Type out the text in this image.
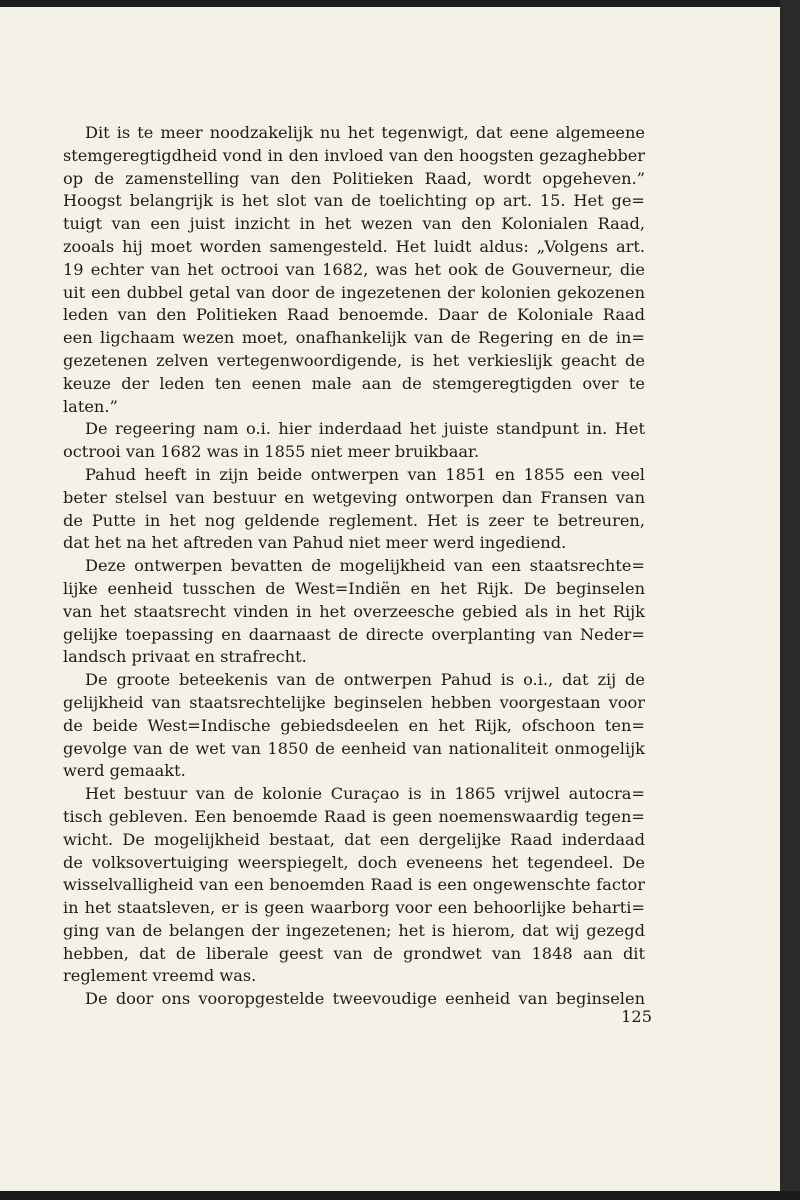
Dit is te meer noodzakelijk nu het tegenwigt, dat eene algemeene
stemgeregtigdheid vond in den invloed van den hoogsten gezaghebber
op de zamenstelling van den Politieken Raad, wordt opgeheven.”
Hoogst belangrijk is het slot van de toelichting op art. 15. Het ge=
tuigt van een juist inzicht in het wezen van den Kolonialen Raad,
zooals hij moet worden samengesteld. Het luidt aldus: „Volgens art.
19 echter van het octrooi van 1682, was het ook de Gouverneur, die
uit een dubbel getal van door de ingezetenen der kolonien gekozenen
leden van den Politieken Raad benoemde. Daar de Koloniale Raad
een ligchaam wezen moet, onafhankelijk van de Regering en de in=
gezetenen zelven vertegenwoordigende, is het verkieslijk geacht de
keuze der leden ten eenen male aan de stemgeregtigden over te
laten.”
De regeering nam o.i. hier inderdaad het juiste standpunt in. Het
octrooi van 1682 was in 1855 niet meer bruikbaar.
Pahud heeft in zijn beide ontwerpen van 1851 en 1855 een veel
beter stelsel van bestuur en wetgeving ontworpen dan Fransen van
de Putte in het nog geldende reglement. Het is zeer te betreuren,
dat het na het aftreden van Pahud niet meer werd ingediend.
Deze ontwerpen bevatten de mogelijkheid van een staatsrechte=
lijke eenheid tusschen de West=Indiën en het Rijk. De beginselen
van het staatsrecht vinden in het overzeesche gebied als in het Rijk
gelijke toepassing en daarnaast de directe overplanting van Neder=
landsch privaat en strafrecht.
De groote beteekenis van de ontwerpen Pahud is o.i., dat zij de
gelijkheid van staatsrechtelijke beginselen hebben voorgestaan voor
de beide West=Indische gebiedsdeelen en het Rijk, ofschoon ten=
gevolge van de wet van 1850 de eenheid van nationaliteit onmogelijk
werd gemaakt.
Het bestuur van de kolonie Curaçao is in 1865 vrijwel autocra=
tisch gebleven. Een benoemde Raad is geen noemenswaardig tegen=
wicht. De mogelijkheid bestaat, dat een dergelijke Raad inderdaad
de volksovertuiging weerspiegelt, doch eveneens het tegendeel. De
wisselvalligheid van een benoemden Raad is een ongewenschte factor
in het staatsleven, er is geen waarborg voor een behoorlijke beharti=
ging van de belangen der ingezetenen; het is hierom, dat wij gezegd
hebben, dat de liberale geest van de grondwet van 1848 aan dit
reglement vreemd was.
De door ons vooropgestelde tweevoudige eenheid van beginselen
125
